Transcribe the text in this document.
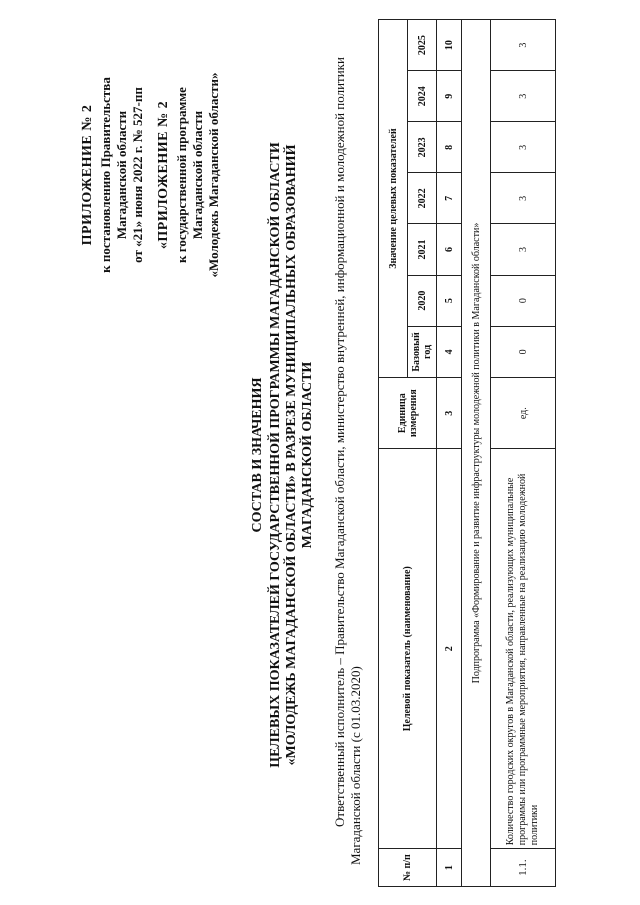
ПРИЛОЖЕНИЕ № 2 к постановлению Правительства Магаданской области от «21» июня 2022 г. № 527-пп «ПРИЛОЖЕНИЕ № 2 к государственной программе Магаданской области «Молодежь Магаданской области»
СОСТАВ И ЗНАЧЕНИЯ ЦЕЛЕВЫХ ПОКАЗАТЕЛЕЙ ГОСУДАРСТВЕННОЙ ПРОГРАММЫ МАГАДАНСКОЙ ОБЛАСТИ «МОЛОДЕЖЬ МАГАДАНСКОЙ ОБЛАСТИ» В РАЗРЕЗЕ МУНИЦИПАЛЬНЫХ ОБРАЗОВАНИЙ МАГАДАНСКОЙ ОБЛАСТИ Ответственный исполнитель – Правительство Магаданской области, министерство внутренней, информационной и молодежной политики Магаданской области (с 01.03.2020)
№ п/п	Целевой показатель (наименование)	Единица измерения	Значение целевых показателей						
			Базовый год	2020	2021	2022	2023	2024	2025
1	2	3	4	5	6	7	8	9	10
Подпрограмма «Формирование и развитие инфраструктуры молодежной политики в Магаданской области»									
1.1.	Количество городских округов в Магаданской области, реализующих муниципальные программы или программные мероприятия, направленные на реализацию молодежной политики	ед.	0	0	3	3	3	3	3
